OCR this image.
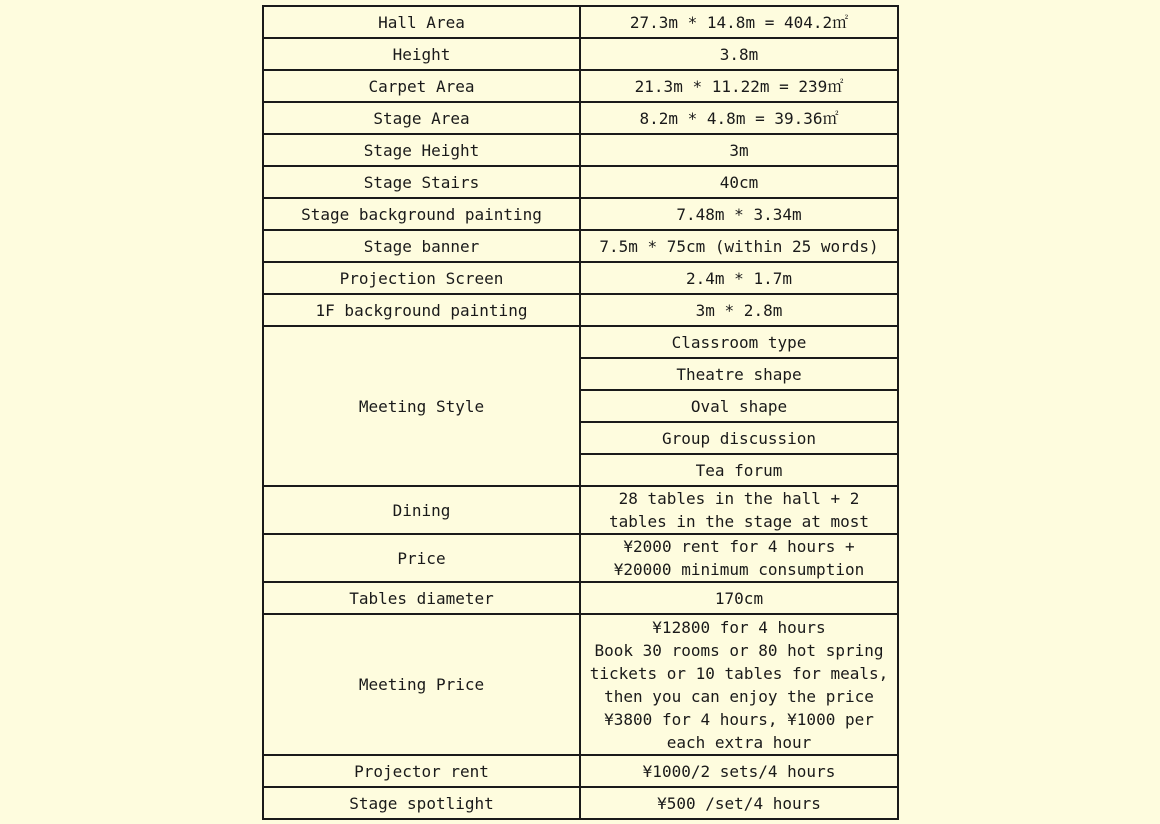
Hall Area	27.3m * 14.8m = 404.2㎡
Height	3.8m
Carpet Area	21.3m * 11.22m = 239㎡
Stage Area	8.2m * 4.8m = 39.36㎡
Stage Height	3m
Stage Stairs	40cm
Stage background painting	7.48m * 3.34m
Stage banner	7.5m * 75cm (within 25 words)
Projection Screen	2.4m * 1.7m
1F background painting	3m * 2.8m
Meeting Style	Classroom type
	Theatre shape
	Oval shape
	Group discussion
	Tea forum
Dining	28 tables in the hall + 2 tables in the stage at most

Price	¥2000 rent for 4 hours +
¥20000 minimum consumption

Tables diameter	170cm
Meeting Price	¥12800 for 4 hours
Book 30 rooms or 80 hot spring tickets or 10 tables for meals, then you can enjoy the price ¥3800 for 4 hours, ¥1000 per each extra hour

Projector rent	¥1000/2 sets/4 hours
Stage spotlight	¥500 /set/4 hours
